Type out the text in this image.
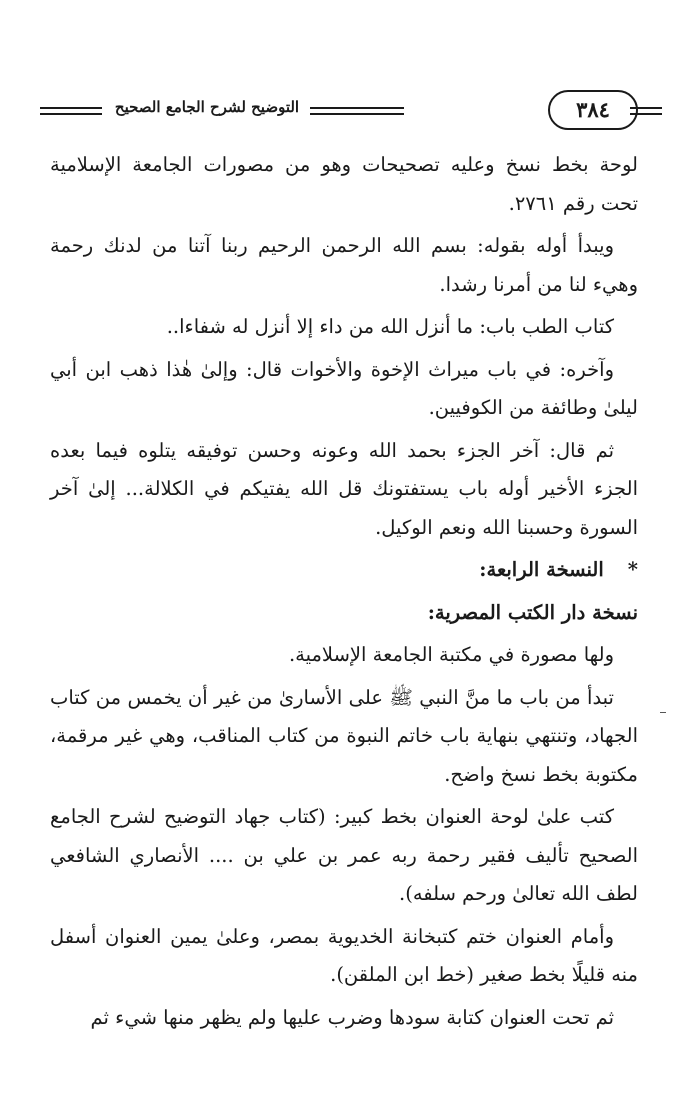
التوضيح لشرح الجامع الصحيح	٣٨٤

لوحة بخط نسخ وعليه تصحيحات وهو من مصورات الجامعة الإسلامية تحت رقم ٢٧٦١.

ويبدأ أوله بقوله: بسم الله الرحمن الرحيم ربنا آتنا من لدنك رحمة وهيء لنا من أمرنا رشدا.

كتاب الطب باب: ما أنزل الله من داء إلا أنزل له شفاءا..

وآخره: في باب ميراث الإخوة والأخوات قال: وإلىٰ هٰذا ذهب ابن أبي ليلىٰ وطائفة من الكوفيين.

ثم قال: آخر الجزء بحمد الله وعونه وحسن توفيقه يتلوه فيما بعده الجزء الأخير أوله باب يستفتونك قل الله يفتيكم في الكلالة... إلىٰ آخر السورة وحسبنا الله ونعم الوكيل.

*النسخة الرابعة:

نسخة دار الكتب المصرية:

ولها مصورة في مكتبة الجامعة الإسلامية.

تبدأ من باب ما منَّ النبي ﷺ على الأسارىٰ من غير أن يخمس من كتاب الجهاد، وتنتهي بنهاية باب خاتم النبوة من كتاب المناقب، وهي غير مرقمة، مكتوبة بخط نسخ واضح.

كتب علىٰ لوحة العنوان بخط كبير: (كتاب جهاد التوضيح لشرح الجامع الصحيح تأليف فقير رحمة ربه عمر بن علي بن .... الأنصاري الشافعي لطف الله تعالىٰ ورحم سلفه).

وأمام العنوان ختم كتبخانة الخديوية بمصر، وعلىٰ يمين العنوان أسفل منه قليلًا بخط صغير (خط ابن الملقن).

ثم تحت العنوان كتابة سودها وضرب عليها ولم يظهر منها شيء ثم
